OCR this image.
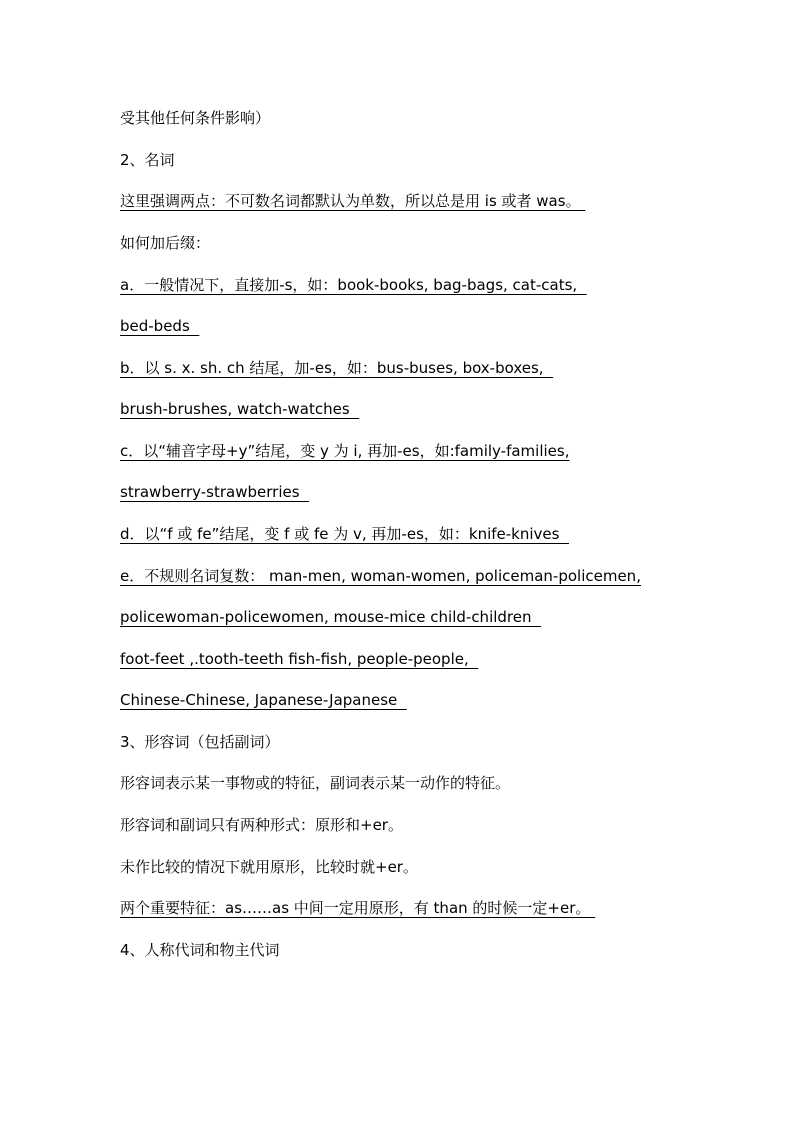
受其他任何条件影响）
2、名词
这里强调两点：不可数名词都默认为单数，所以总是用 is 或者 was。
如何加后缀：
a．一般情况下，直接加-s，如：book-books, bag-bags, cat-cats,
bed-beds
b．以 s. x. sh. ch 结尾，加-es，如：bus-buses, box-boxes,
brush-brushes, watch-watches
c．以“辅音字母+y”结尾，变 y 为 i, 再加-es，如:family-families,
strawberry-strawberries
d．以“f 或 fe”结尾，变 f 或 fe 为 v, 再加-es，如：knife-knives
e．不规则名词复数： man-men, woman-women, policeman-policemen,
policewoman-policewomen, mouse-mice child-children
foot-feet ,.tooth-teeth fish-fish, people-people,
Chinese-Chinese, Japanese-Japanese
3、形容词（包括副词）
形容词表示某一事物或的特征，副词表示某一动作的特征。
形容词和副词只有两种形式：原形和+er。
未作比较的情况下就用原形，比较时就+er。
两个重要特征：as……as 中间一定用原形，有 than 的时候一定+er。
4、人称代词和物主代词
